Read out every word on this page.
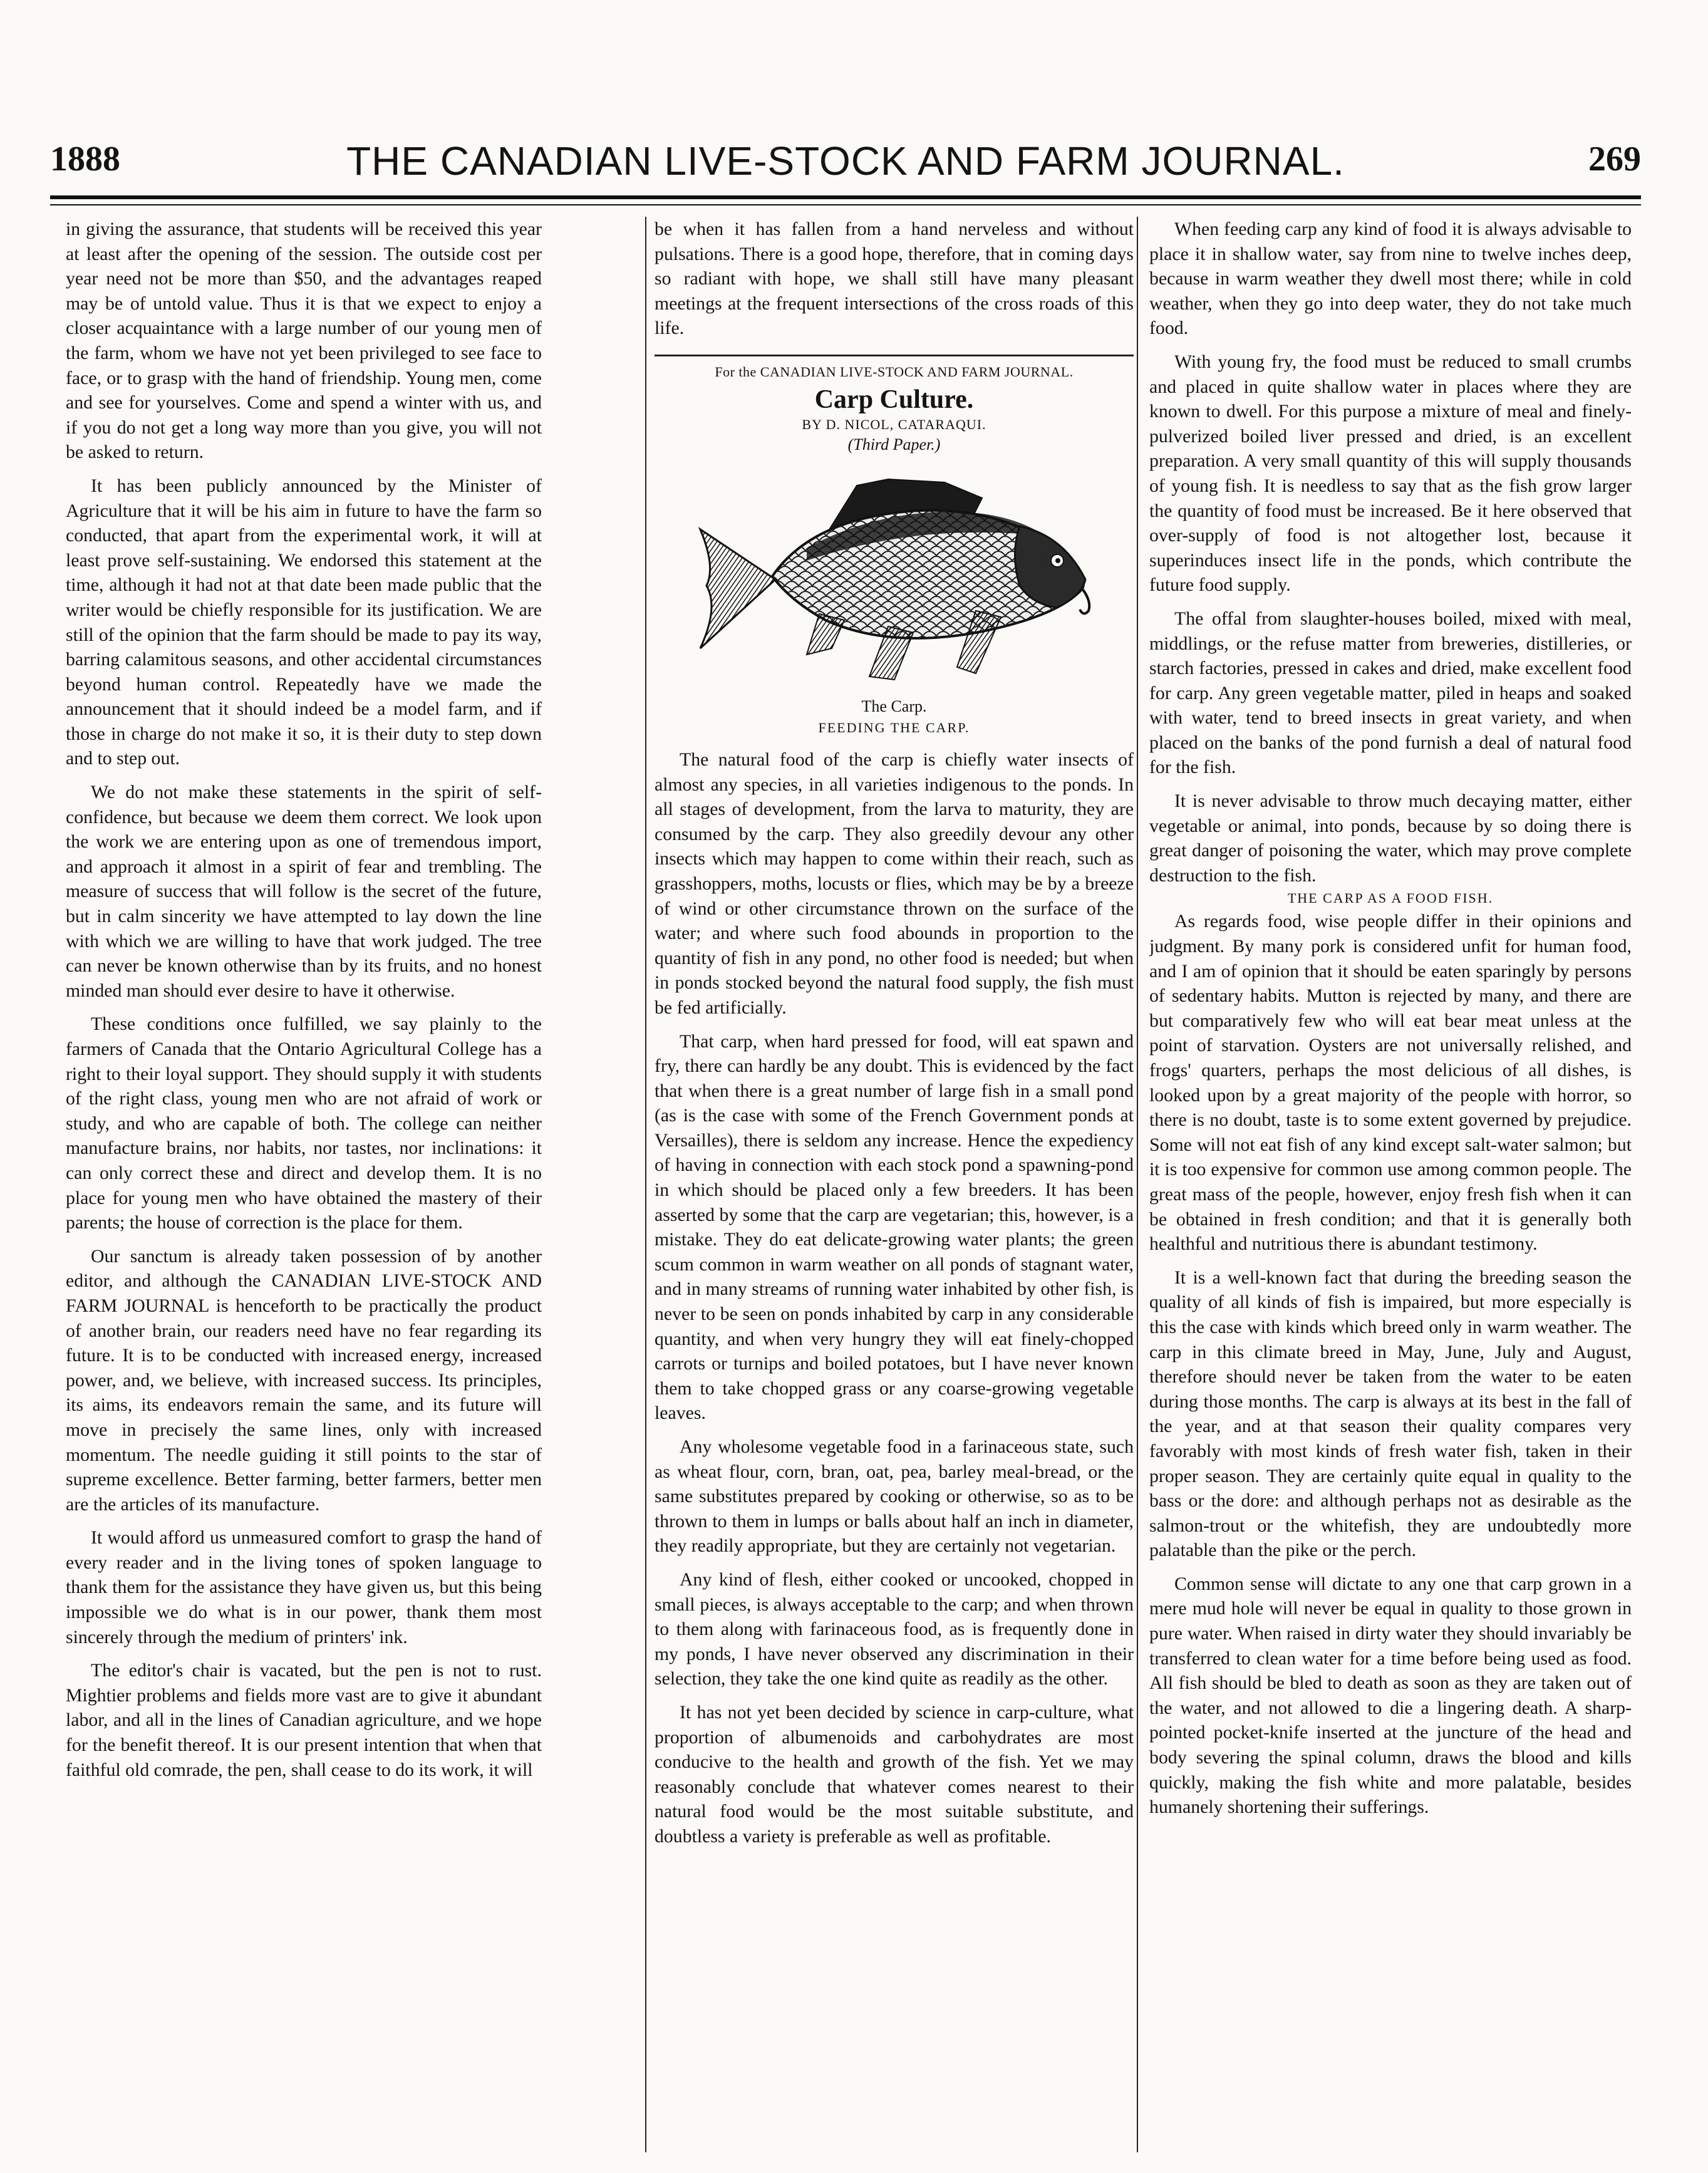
1888	THE CANADIAN LIVE-STOCK AND FARM JOURNAL.	269

in giving the assurance, that students will be received this year at least after the opening of the session. The outside cost per year need not be more than $50, and the advantages reaped may be of untold value. Thus it is that we expect to enjoy a closer acquaintance with a large number of our young men of the farm, whom we have not yet been privileged to see face to face, or to grasp with the hand of friendship. Young men, come and see for yourselves. Come and spend a winter with us, and if you do not get a long way more than you give, you will not be asked to return.

It has been publicly announced by the Minister of Agriculture that it will be his aim in future to have the farm so conducted, that apart from the experimental work, it will at least prove self-sustaining. We endorsed this statement at the time, although it had not at that date been made public that the writer would be chiefly responsible for its justification. We are still of the opinion that the farm should be made to pay its way, barring calamitous seasons, and other accidental circumstances beyond human control. Repeatedly have we made the announcement that it should indeed be a model farm, and if those in charge do not make it so, it is their duty to step down and to step out.

We do not make these statements in the spirit of self-confidence, but because we deem them correct. We look upon the work we are entering upon as one of tremendous import, and approach it almost in a spirit of fear and trembling. The measure of success that will follow is the secret of the future, but in calm sincerity we have attempted to lay down the line with which we are willing to have that work judged. The tree can never be known otherwise than by its fruits, and no honest minded man should ever desire to have it otherwise.

These conditions once fulfilled, we say plainly to the farmers of Canada that the Ontario Agricultural College has a right to their loyal support. They should supply it with students of the right class, young men who are not afraid of work or study, and who are capable of both. The college can neither manufacture brains, nor habits, nor tastes, nor inclinations: it can only correct these and direct and develop them. It is no place for young men who have obtained the mastery of their parents; the house of correction is the place for them.

Our sanctum is already taken possession of by another editor, and although the CANADIAN LIVE-STOCK AND FARM JOURNAL is henceforth to be practically the product of another brain, our readers need have no fear regarding its future. It is to be conducted with increased energy, increased power, and, we believe, with increased success. Its principles, its aims, its endeavors remain the same, and its future will move in precisely the same lines, only with increased momentum. The needle guiding it still points to the star of supreme excellence. Better farming, better farmers, better men are the articles of its manufacture.

It would afford us unmeasured comfort to grasp the hand of every reader and in the living tones of spoken language to thank them for the assistance they have given us, but this being impossible we do what is in our power, thank them most sincerely through the medium of printers' ink.

The editor's chair is vacated, but the pen is not to rust. Mightier problems and fields more vast are to give it abundant labor, and all in the lines of Canadian agriculture, and we hope for the benefit thereof. It is our present intention that when that faithful old comrade, the pen, shall cease to do its work, it will

be when it has fallen from a hand nerveless and without pulsations. There is a good hope, therefore, that in coming days so radiant with hope, we shall still have many pleasant meetings at the frequent intersections of the cross roads of this life.

For the CANADIAN LIVE-STOCK AND FARM JOURNAL.
Carp Culture.
BY D. NICOL, CATARAQUI.
(Third Paper.)
The Carp.
FEEDING THE CARP.

The natural food of the carp is chiefly water insects of almost any species, in all varieties indigenous to the ponds. In all stages of development, from the larva to maturity, they are consumed by the carp. They also greedily devour any other insects which may happen to come within their reach, such as grasshoppers, moths, locusts or flies, which may be by a breeze of wind or other circumstance thrown on the surface of the water; and where such food abounds in proportion to the quantity of fish in any pond, no other food is needed; but when in ponds stocked beyond the natural food supply, the fish must be fed artificially.

That carp, when hard pressed for food, will eat spawn and fry, there can hardly be any doubt. This is evidenced by the fact that when there is a great number of large fish in a small pond (as is the case with some of the French Government ponds at Versailles), there is seldom any increase. Hence the expediency of having in connection with each stock pond a spawning-pond in which should be placed only a few breeders. It has been asserted by some that the carp are vegetarian; this, however, is a mistake. They do eat delicate-growing water plants; the green scum common in warm weather on all ponds of stagnant water, and in many streams of running water inhabited by other fish, is never to be seen on ponds inhabited by carp in any considerable quantity, and when very hungry they will eat finely-chopped carrots or turnips and boiled potatoes, but I have never known them to take chopped grass or any coarse-growing vegetable leaves.

Any wholesome vegetable food in a farinaceous state, such as wheat flour, corn, bran, oat, pea, barley meal-bread, or the same substitutes prepared by cooking or otherwise, so as to be thrown to them in lumps or balls about half an inch in diameter, they readily appropriate, but they are certainly not vegetarian.

Any kind of flesh, either cooked or uncooked, chopped in small pieces, is always acceptable to the carp; and when thrown to them along with farinaceous food, as is frequently done in my ponds, I have never observed any discrimination in their selection, they take the one kind quite as readily as the other.

It has not yet been decided by science in carp-culture, what proportion of albumenoids and carbohydrates are most conducive to the health and growth of the fish. Yet we may reasonably conclude that whatever comes nearest to their natural food would be the most suitable substitute, and doubtless a variety is preferable as well as profitable.

When feeding carp any kind of food it is always advisable to place it in shallow water, say from nine to twelve inches deep, because in warm weather they dwell most there; while in cold weather, when they go into deep water, they do not take much food.

With young fry, the food must be reduced to small crumbs and placed in quite shallow water in places where they are known to dwell. For this purpose a mixture of meal and finely-pulverized boiled liver pressed and dried, is an excellent preparation. A very small quantity of this will supply thousands of young fish. It is needless to say that as the fish grow larger the quantity of food must be increased. Be it here observed that over-supply of food is not altogether lost, because it superinduces insect life in the ponds, which contribute the future food supply.

The offal from slaughter-houses boiled, mixed with meal, middlings, or the refuse matter from breweries, distilleries, or starch factories, pressed in cakes and dried, make excellent food for carp. Any green vegetable matter, piled in heaps and soaked with water, tend to breed insects in great variety, and when placed on the banks of the pond furnish a deal of natural food for the fish.

It is never advisable to throw much decaying matter, either vegetable or animal, into ponds, because by so doing there is great danger of poisoning the water, which may prove complete destruction to the fish.

THE CARP AS A FOOD FISH.

As regards food, wise people differ in their opinions and judgment. By many pork is considered unfit for human food, and I am of opinion that it should be eaten sparingly by persons of sedentary habits. Mutton is rejected by many, and there are but comparatively few who will eat bear meat unless at the point of starvation. Oysters are not universally relished, and frogs' quarters, perhaps the most delicious of all dishes, is looked upon by a great majority of the people with horror, so there is no doubt, taste is to some extent governed by prejudice. Some will not eat fish of any kind except salt-water salmon; but it is too expensive for common use among common people. The great mass of the people, however, enjoy fresh fish when it can be obtained in fresh condition; and that it is generally both healthful and nutritious there is abundant testimony.

It is a well-known fact that during the breeding season the quality of all kinds of fish is impaired, but more especially is this the case with kinds which breed only in warm weather. The carp in this climate breed in May, June, July and August, therefore should never be taken from the water to be eaten during those months. The carp is always at its best in the fall of the year, and at that season their quality compares very favorably with most kinds of fresh water fish, taken in their proper season. They are certainly quite equal in quality to the bass or the dore: and although perhaps not as desirable as the salmon-trout or the whitefish, they are undoubtedly more palatable than the pike or the perch.

Common sense will dictate to any one that carp grown in a mere mud hole will never be equal in quality to those grown in pure water. When raised in dirty water they should invariably be transferred to clean water for a time before being used as food. All fish should be bled to death as soon as they are taken out of the water, and not allowed to die a lingering death. A sharp-pointed pocket-knife inserted at the juncture of the head and body severing the spinal column, draws the blood and kills quickly, making the fish white and more palatable, besides humanely shortening their sufferings.
